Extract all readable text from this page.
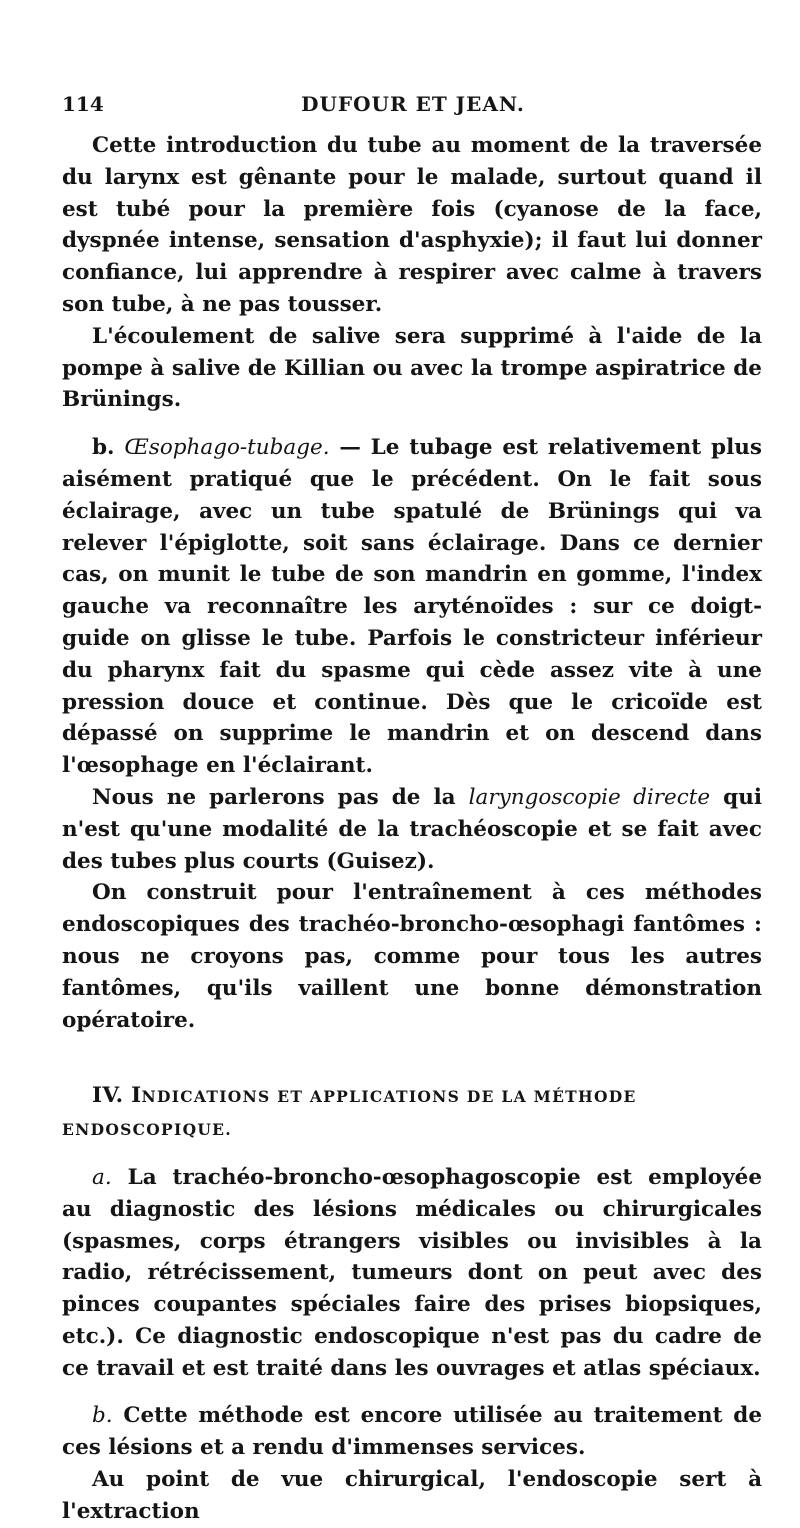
114	DUFOUR ET JEAN.

Cette introduction du tube au moment de la traversée du larynx est gênante pour le malade, surtout quand il est tubé pour la première fois (cyanose de la face, dyspnée intense, sensation d'asphyxie); il faut lui donner confiance, lui apprendre à respirer avec calme à travers son tube, à ne pas tousser.

L'écoulement de salive sera supprimé à l'aide de la pompe à salive de Killian ou avec la trompe aspiratrice de Brünings.

b. Œsophago-tubage. — Le tubage est relativement plus aisément pratiqué que le précédent. On le fait sous éclairage, avec un tube spatulé de Brünings qui va relever l'épiglotte, soit sans éclairage. Dans ce dernier cas, on munit le tube de son mandrin en gomme, l'index gauche va reconnaître les aryténoïdes : sur ce doigt-guide on glisse le tube. Parfois le constricteur inférieur du pharynx fait du spasme qui cède assez vite à une pression douce et continue. Dès que le cricoïde est dépassé on supprime le mandrin et on descend dans l'œsophage en l'éclairant.

Nous ne parlerons pas de la laryngoscopie directe qui n'est qu'une modalité de la trachéoscopie et se fait avec des tubes plus courts (Guisez).

On construit pour l'entraînement à ces méthodes endoscopiques des trachéo-broncho-œsophagi fantômes : nous ne croyons pas, comme pour tous les autres fantômes, qu'ils vaillent une bonne démonstration opératoire.

IV. INDICATIONS ET APPLICATIONS DE LA MÉTHODE ENDOSCOPIQUE.

a. La trachéo-broncho-œsophagoscopie est employée au diagnostic des lésions médicales ou chirurgicales (spasmes, corps étrangers visibles ou invisibles à la radio, rétrécissement, tumeurs dont on peut avec des pinces coupantes spéciales faire des prises biopsiques, etc.). Ce diagnostic endoscopique n'est pas du cadre de ce travail et est traité dans les ouvrages et atlas spéciaux.

b. Cette méthode est encore utilisée au traitement de ces lésions et a rendu d'immenses services.

Au point de vue chirurgical, l'endoscopie sert à l'extraction
